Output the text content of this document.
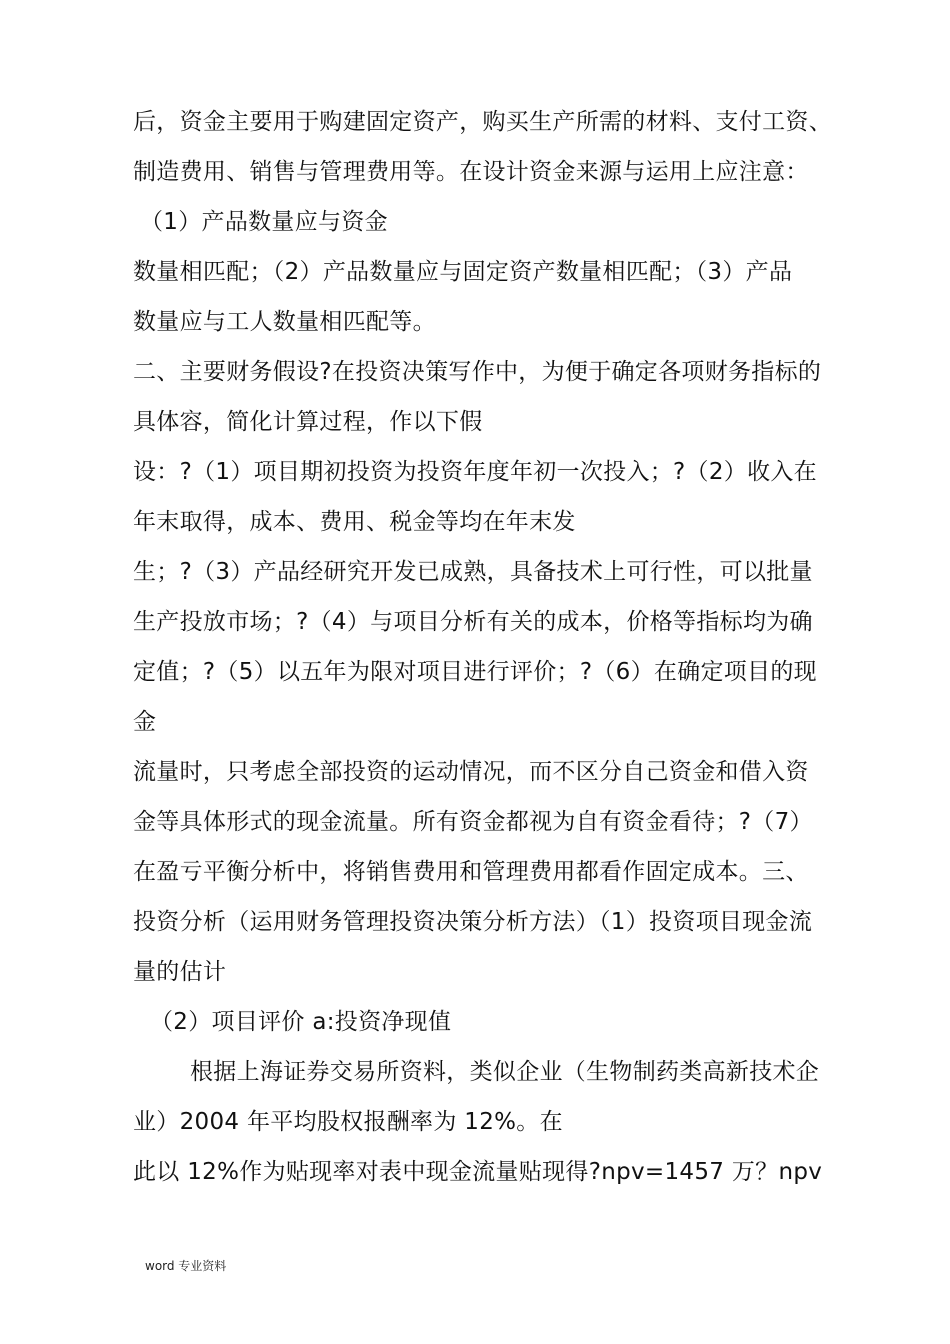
后，资金主要用于购建固定资产，购买生产所需的材料、支付工资、
制造费用、销售与管理费用等。在设计资金来源与运用上应注意：
（1）产品数量应与资金
数量相匹配；（2）产品数量应与固定资产数量相匹配；（3）产品
数量应与工人数量相匹配等。
二、主要财务假设?在投资决策写作中，为便于确定各项财务指标的
具体容，简化计算过程，作以下假
设：?（1）项目期初投资为投资年度年初一次投入；?（2）收入在
年末取得，成本、费用、税金等均在年末发
生；?（3）产品经研究开发已成熟，具备技术上可行性，可以批量
生产投放市场；?（4）与项目分析有关的成本，价格等指标均为确
定值；?（5）以五年为限对项目进行评价；?（6）在确定项目的现
金
流量时，只考虑全部投资的运动情况，而不区分自己资金和借入资
金等具体形式的现金流量。所有资金都视为自有资金看待；?（7）
在盈亏平衡分析中，将销售费用和管理费用都看作固定成本。三、
投资分析（运用财务管理投资决策分析方法）（1）投资项目现金流
量的估计
（2）项目评价 a:投资净现值
根据上海证券交易所资料，类似企业（生物制药类高新技术企
业）2004 年平均股权报酬率为 12%。在
此以 12%作为贴现率对表中现金流量贴现得?npv=1457 万？npv
word 专业资料
